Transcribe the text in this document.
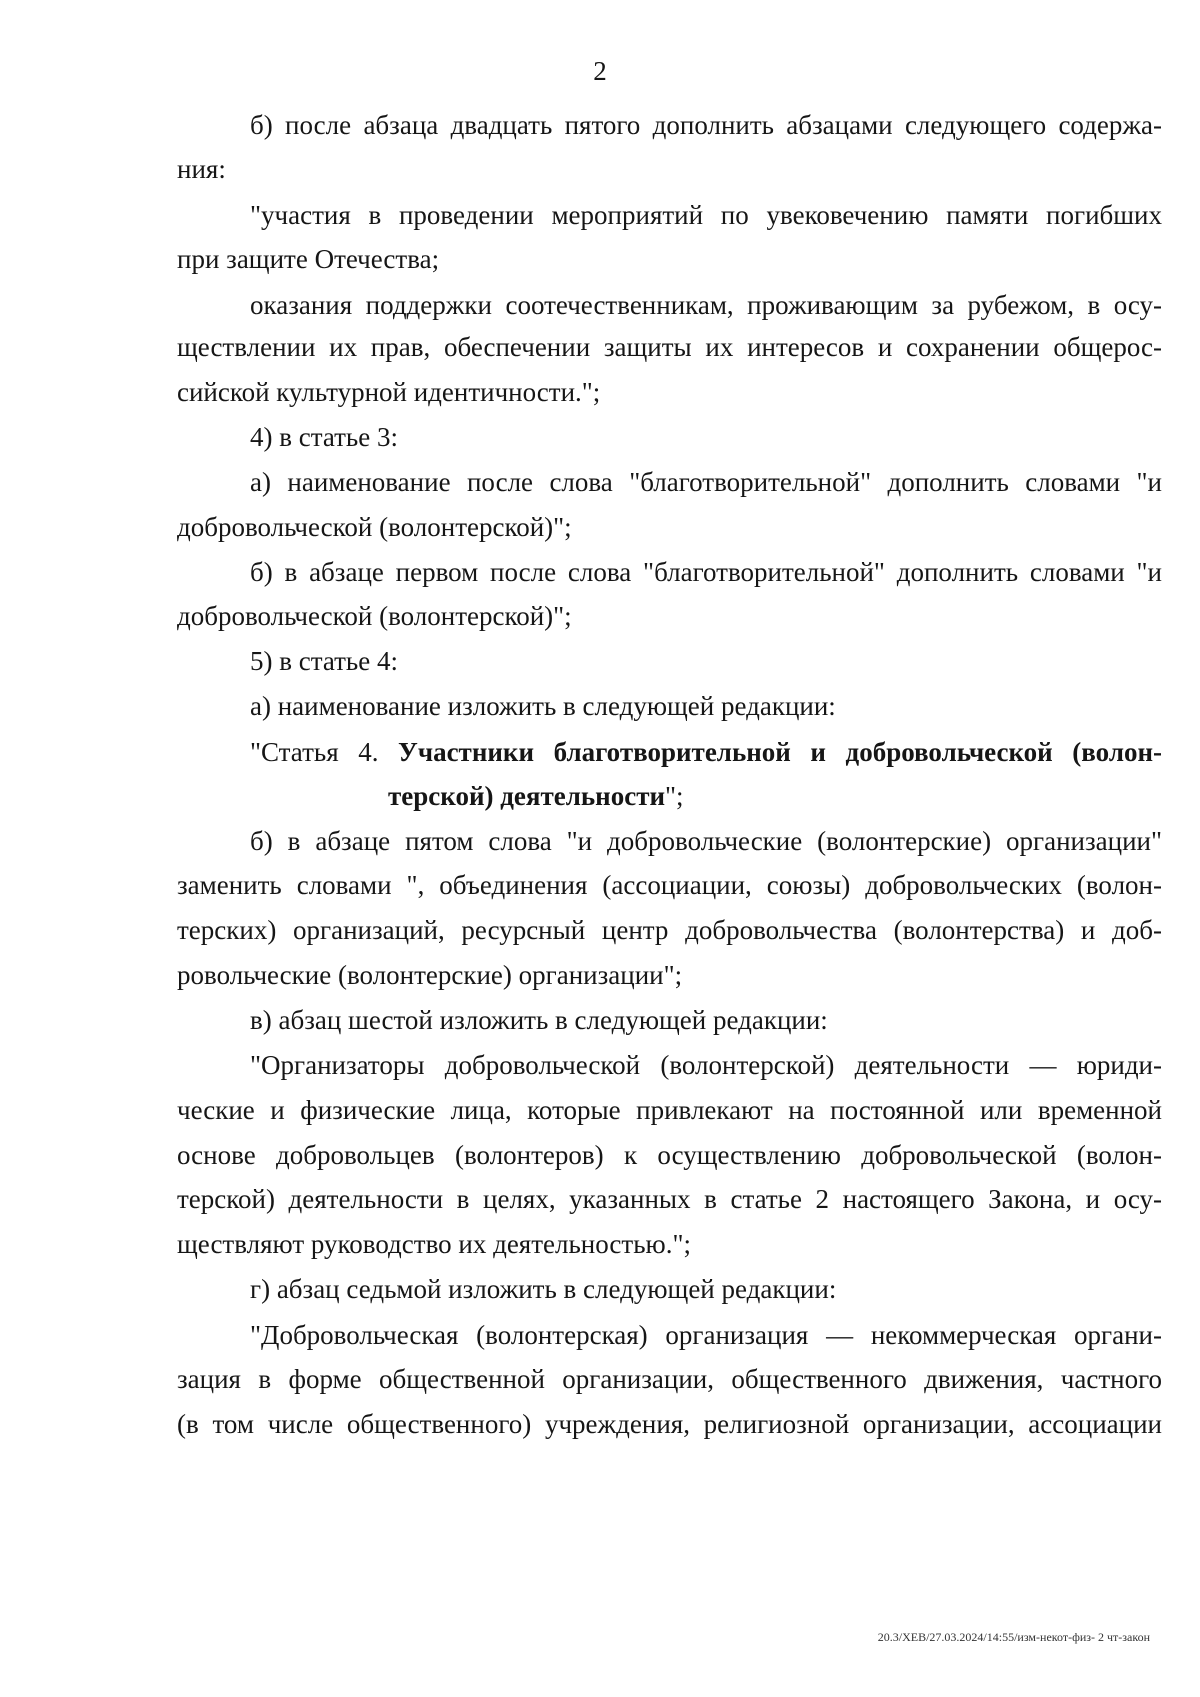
2

б) после абзаца двадцать пятого дополнить абзацами следующего содержа-
ния:
"участия в проведении мероприятий по увековечению памяти погибших
при защите Отечества;
оказания поддержки соотечественникам, проживающим за рубежом, в осу-
ществлении их прав, обеспечении защиты их интересов и сохранении общерос-
сийской культурной идентичности.";
4) в статье 3:
а) наименование после слова "благотворительной" дополнить словами "и
добровольческой (волонтерской)";
б) в абзаце первом после слова "благотворительной" дополнить словами "и
добровольческой (волонтерской)";
5) в статье 4:
а) наименование изложить в следующей редакции:
"Статья 4. Участники благотворительной и добровольческой (волон-
терской) деятельности";
б) в абзаце пятом слова "и добровольческие (волонтерские) организации"
заменить словами ", объединения (ассоциации, союзы) добровольческих (волон-
терских) организаций, ресурсный центр добровольчества (волонтерства) и доб-
ровольческие (волонтерские) организации";
в) абзац шестой изложить в следующей редакции:
"Организаторы добровольческой (волонтерской) деятельности — юриди-
ческие и физические лица, которые привлекают на постоянной или временной
основе добровольцев (волонтеров) к осуществлению добровольческой (волон-
терской) деятельности в целях, указанных в статье 2 настоящего Закона, и осу-
ществляют руководство их деятельностью.";
г) абзац седьмой изложить в следующей редакции:
"Добровольческая (волонтерская) организация — некоммерческая органи-
зация в форме общественной организации, общественного движения, частного
(в том числе общественного) учреждения, религиозной организации, ассоциации
20.3/ХЕВ/27.03.2024/14:55/изм-некот-физ- 2 чт-закон
